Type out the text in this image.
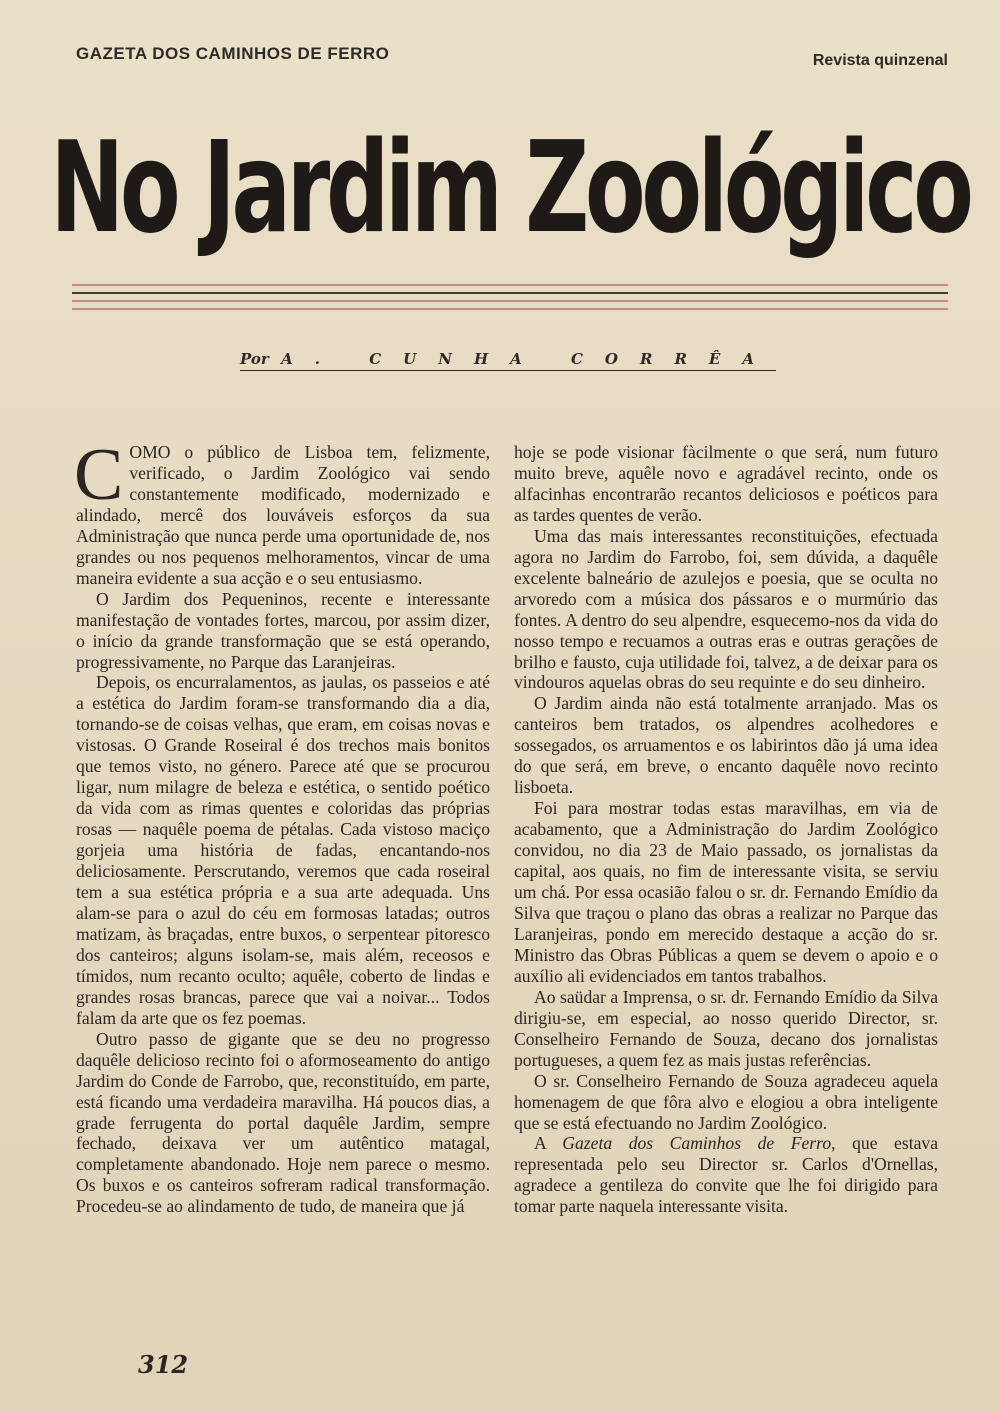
GAZETA DOS CAMINHOS DE FERRO	Revista quinzenal
No Jardim Zoológico
Por A. CUNHA CORRÊA

COMO o público de Lisboa tem, felizmente, verificado, o Jardim Zoológico vai sendo constantemente modificado, modernizado e alindado, mercê dos louváveis esforços da sua Administração que nunca perde uma oportunidade de, nos grandes ou nos pequenos melhoramentos, vincar de uma maneira evidente a sua acção e o seu entusiasmo.

O Jardim dos Pequeninos, recente e interessante manifestação de vontades fortes, marcou, por assim dizer, o início da grande transformação que se está operando, progressivamente, no Parque das Laranjeiras.

Depois, os encurralamentos, as jaulas, os passeios e até a estética do Jardim foram-se transformando dia a dia, tornando-se de coisas velhas, que eram, em coisas novas e vistosas. O Grande Roseiral é dos trechos mais bonitos que temos visto, no género. Parece até que se procurou ligar, num milagre de beleza e estética, o sentido poético da vida com as rimas quentes e coloridas das próprias rosas — naquêle poema de pétalas. Cada vistoso maciço gorjeia uma história de fadas, encantando-nos deliciosamente. Perscrutando, veremos que cada roseiral tem a sua estética própria e a sua arte adequada. Uns alam-se para o azul do céu em formosas latadas; outros matizam, às braçadas, entre buxos, o serpentear pitoresco dos canteiros; alguns isolam-se, mais além, receosos e tímidos, num recanto oculto; aquêle, coberto de lindas e grandes rosas brancas, parece que vai a noivar... Todos falam da arte que os fez poemas.

Outro passo de gigante que se deu no progresso daquêle delicioso recinto foi o aformoseamento do antigo Jardim do Conde de Farrobo, que, reconstituído, em parte, está ficando uma verdadeira maravilha. Há poucos dias, a grade ferrugenta do portal daquêle Jardim, sempre fechado, deixava ver um autêntico matagal, completamente abandonado. Hoje nem parece o mesmo. Os buxos e os canteiros sofreram radical transformação. Procedeu-se ao alindamento de tudo, de maneira que já

hoje se pode visionar fàcilmente o que será, num futuro muito breve, aquêle novo e agradável recinto, onde os alfacinhas encontrarão recantos deliciosos e poéticos para as tardes quentes de verão.

Uma das mais interessantes reconstituições, efectuada agora no Jardim do Farrobo, foi, sem dúvida, a daquêle excelente balneário de azulejos e poesia, que se oculta no arvoredo com a música dos pássaros e o murmúrio das fontes. A dentro do seu alpendre, esquecemo-nos da vida do nosso tempo e recuamos a outras eras e outras gerações de brilho e fausto, cuja utilidade foi, talvez, a de deixar para os vindouros aquelas obras do seu requinte e do seu dinheiro.

O Jardim ainda não está totalmente arranjado. Mas os canteiros bem tratados, os alpendres acolhedores e sossegados, os arruamentos e os labirintos dão já uma idea do que será, em breve, o encanto daquêle novo recinto lisboeta.

Foi para mostrar todas estas maravilhas, em via de acabamento, que a Administração do Jardim Zoológico convidou, no dia 23 de Maio passado, os jornalistas da capital, aos quais, no fim de interessante visita, se serviu um chá. Por essa ocasião falou o sr. dr. Fernando Emídio da Silva que traçou o plano das obras a realizar no Parque das Laranjeiras, pondo em merecido destaque a acção do sr. Ministro das Obras Públicas a quem se devem o apoio e o auxílio ali evidenciados em tantos trabalhos.

Ao saüdar a Imprensa, o sr. dr. Fernando Emídio da Silva dirigiu-se, em especial, ao nosso querido Director, sr. Conselheiro Fernando de Souza, decano dos jornalistas portugueses, a quem fez as mais justas referências.

O sr. Conselheiro Fernando de Souza agradeceu aquela homenagem de que fôra alvo e elogiou a obra inteligente que se está efectuando no Jardim Zoológico.

A Gazeta dos Caminhos de Ferro, que estava representada pelo seu Director sr. Carlos d'Ornellas, agradece a gentileza do convite que lhe foi dirigido para tomar parte naquela interessante visita.

312
